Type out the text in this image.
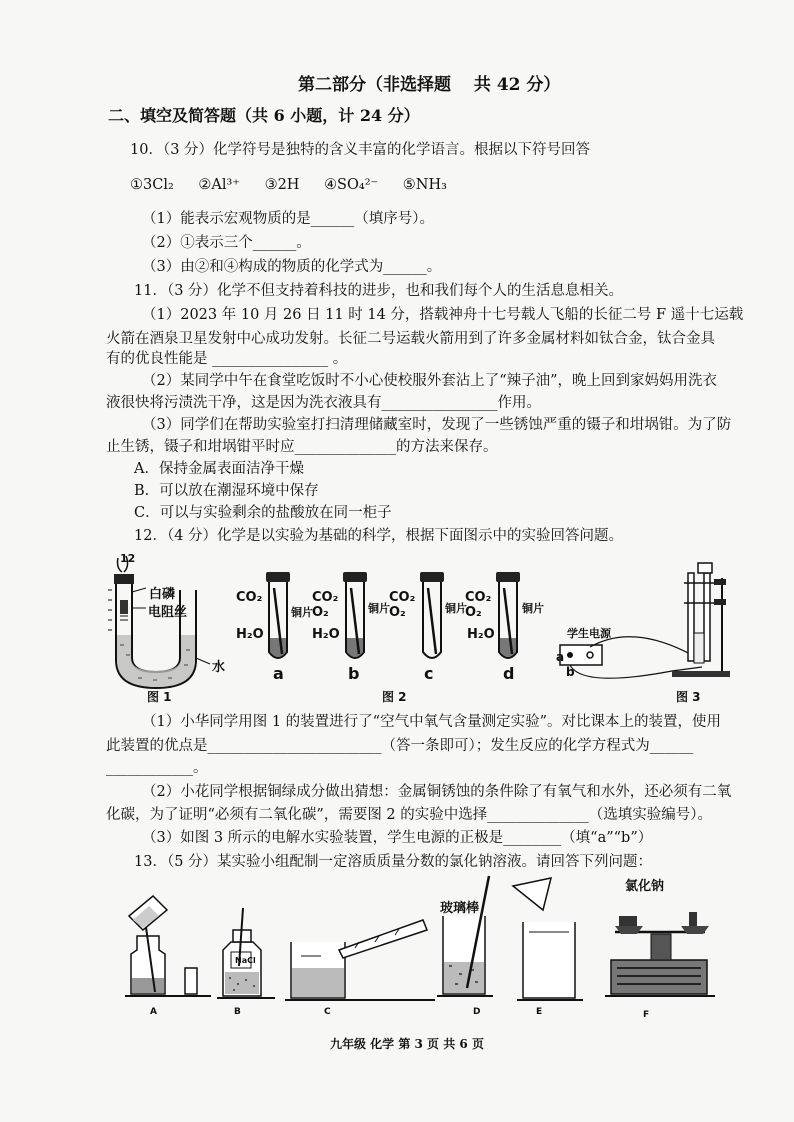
第二部分（非选择题　 共 42 分）
二、填空及简答题（共 6 小题，计 24 分）
10．（3 分）化学符号是独特的含义丰富的化学语言。根据以下符号回答
①3Cl₂ ②Al³⁺ ③2H ④SO₄²⁻ ⑤NH₃
（1）能表示宏观物质的是______（填序号）。
（2）①表示三个______。
（3）由②和④构成的物质的化学式为______。
11．（3 分）化学不但支持着科技的进步，也和我们每个人的生活息息相关。
（1）2023 年 10 月 26 日 11 时 14 分，搭载神舟十七号载人飞船的长征二号 F 遥十七运载
火箭在酒泉卫星发射中心成功发射。长征二号运载火箭用到了许多金属材料如钛合金，钛合金具
有的优良性能是 ________________ 。
（2）某同学中午在食堂吃饭时不小心使校服外套沾上了“辣子油”，晚上回到家妈妈用洗衣
液很快将污渍洗干净，这是因为洗衣液具有________________作用。
（3）同学们在帮助实验室打扫清理储藏室时，发现了一些锈蚀严重的镊子和坩埚钳。为了防
止生锈，镊子和坩埚钳平时应______________的方法来保存。
A．保持金属表面洁净干燥
B．可以放在潮湿环境中保存
C．可以与实验剩余的盐酸放在同一柜子
12．（4 分）化学是以实验为基础的科学，根据下面图示中的实验回答问题。
12
白磷
电阻丝
水
图 1
CO₂
铜片
H₂O
a
CO₂
O₂	铜片
H₂O
b
CO₂
O₂	铜片
c
CO₂
O₂	铜片
H₂O
d
图 2
学生电源
a
b
图 3
（1）小华同学用图 1 的装置进行了“空气中氧气含量测定实验”。对比课本上的装置，使用
此装置的优点是________________________（答一条即可）；发生反应的化学方程式为______
____________。
（2）小花同学根据铜绿成分做出猜想：金属铜锈蚀的条件除了有氧气和水外，还必须有二氧
化碳，为了证明“必须有二氧化碳”，需要图 2 的实验中选择______________（选填实验编号）。
（3）如图 3 所示的电解水实验装置，学生电源的正极是________（填“a”“b”）
13．（5 分）某实验小组配制一定溶质质量分数的氯化钠溶液。请回答下列问题：
玻璃棒
氯化钠
NaCl
A	B	C	D	E	F
九年级 化学 第 3 页 共 6 页
